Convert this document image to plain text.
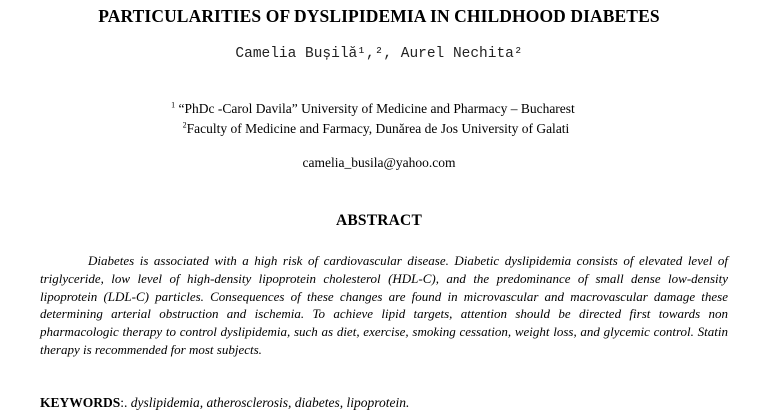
PARTICULARITIES OF DYSLIPIDEMIA IN CHILDHOOD DIABETES
Camelia Bușilă¹,², Aurel Nechita²
$^1$ “PhDc -Carol Davila” University of Medicine and Pharmacy – Bucharest
$^2$Faculty of Medicine and Farmacy, Dunărea de Jos University of Galati
camelia_busila@yahoo.com
ABSTRACT

Diabetes is associated with a high risk of cardiovascular disease. Diabetic dyslipidemia consists of elevated level of triglyceride, low level of high-density lipoprotein cholesterol (HDL-C), and the predominance of small dense low-density lipoprotein (LDL-C) particles. Consequences of these changes are found in microvascular and macrovascular damage these determining arterial obstruction and ischemia. To achieve lipid targets, attention should be directed first towards non pharmacologic therapy to control dyslipidemia, such as diet, exercise, smoking cessation, weight loss, and glycemic control. Statin therapy is recommended for most subjects.

KEYWORDS:. dyslipidemia, atherosclerosis, diabetes, lipoprotein.
